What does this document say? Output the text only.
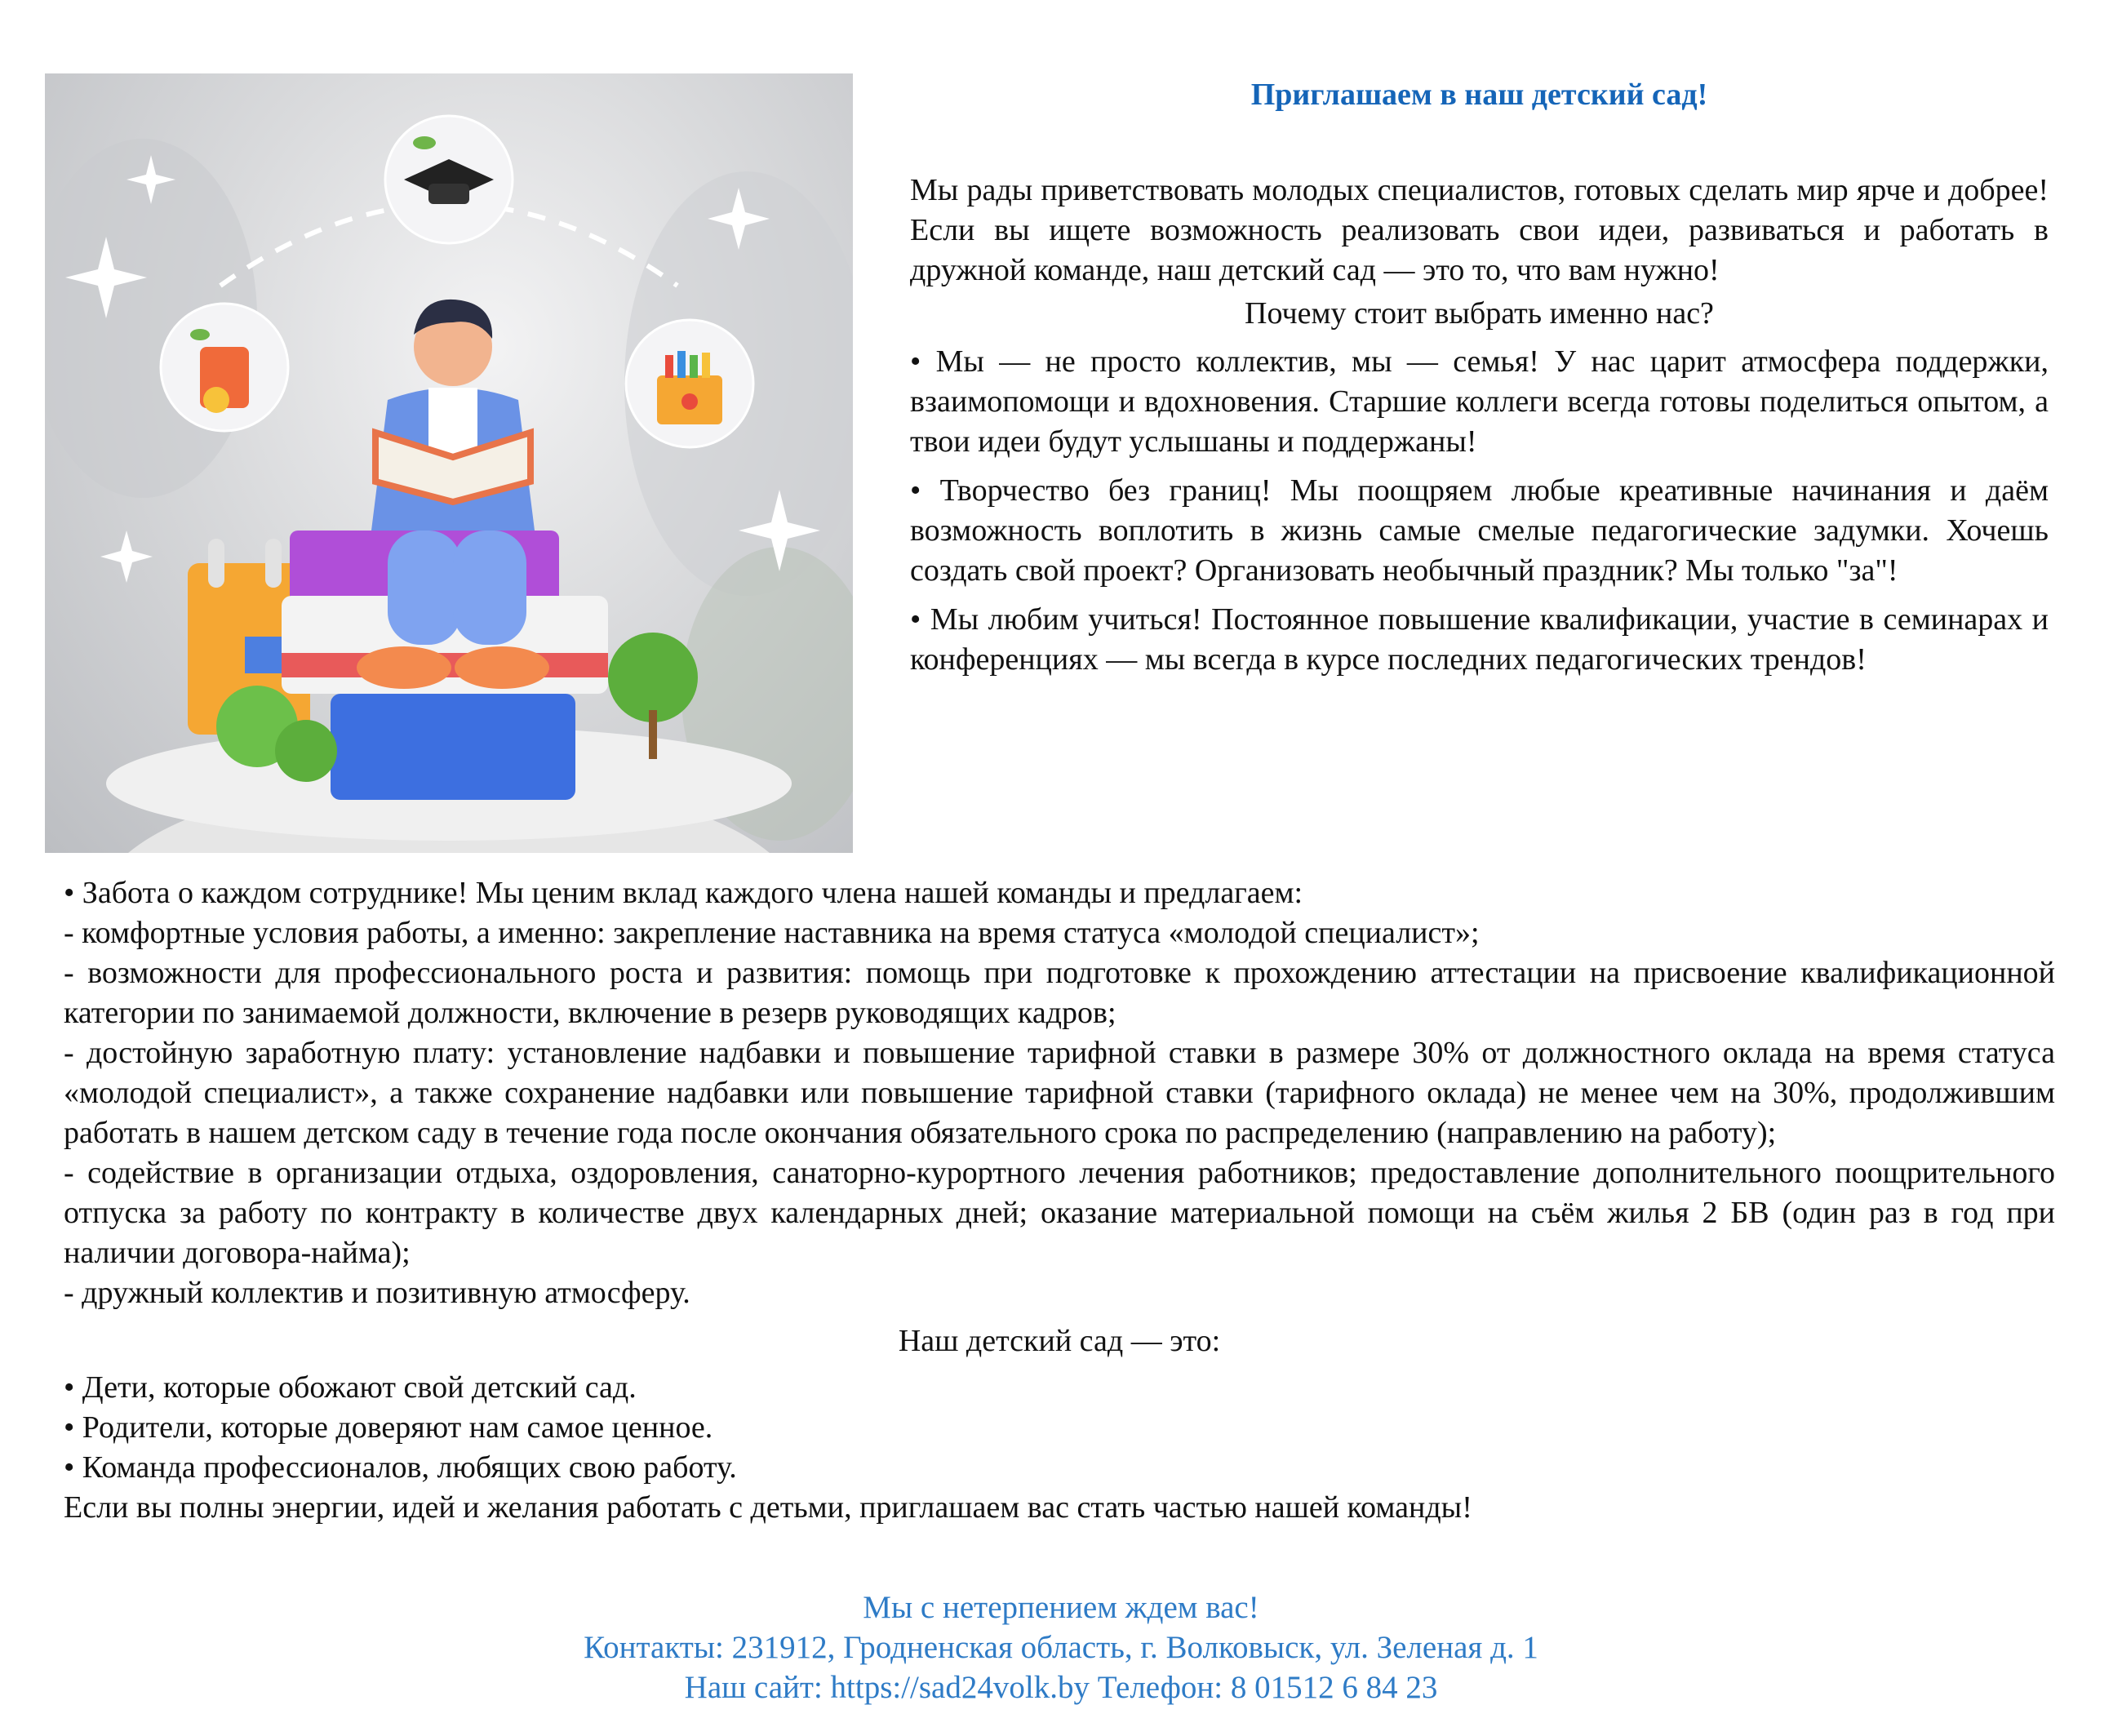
Приглашаем в наш детский сад!

Мы рады приветствовать молодых специалистов, готовых сделать мир ярче и добрее! Если вы ищете возможность реализовать свои идеи, развиваться и работать в дружной команде, наш детский сад — это то, что вам нужно!

Почему стоит выбрать именно нас?

• Мы — не просто коллектив, мы — семья! У нас царит атмосфера поддержки, взаимопомощи и вдохновения. Старшие коллеги всегда готовы поделиться опытом, а твои идеи будут услышаны и поддержаны!

• Творчество без границ! Мы поощряем любые креативные начинания и даём возможность воплотить в жизнь самые смелые педагогические задумки. Хочешь создать свой проект? Организовать необычный праздник? Мы только "за"!

• Мы любим учиться! Постоянное повышение квалификации, участие в семинарах и конференциях — мы всегда в курсе последних педагогических трендов!

• Забота о каждом сотруднике! Мы ценим вклад каждого члена нашей команды и предлагаем:

- комфортные условия работы, а именно: закрепление наставника на время статуса «молодой специалист»;

- возможности для профессионального роста и развития: помощь при подготовке к прохождению аттестации на присвоение квалификационной категории по занимаемой должности, включение в резерв руководящих кадров;

- достойную заработную плату: установление надбавки и повышение тарифной ставки в размере 30% от должностного оклада на время статуса «молодой специалист», а также сохранение надбавки или повышение тарифной ставки (тарифного оклада) не менее чем на 30%, продолжившим работать в нашем детском саду в течение года после окончания обязательного срока по распределению (направлению на работу);

- содействие в организации отдыха, оздоровления, санаторно-курортного лечения работников; предоставление дополнительного поощрительного отпуска за работу по контракту в количестве двух календарных дней; оказание материальной помощи на съём жилья 2 БВ (один раз в год при наличии договора-найма);

- дружный коллектив и позитивную атмосферу.

Наш детский сад — это:

• Дети, которые обожают свой детский сад.

• Родители, которые доверяют нам самое ценное.

• Команда профессионалов, любящих свою работу.

Если вы полны энергии, идей и желания работать с детьми, приглашаем вас стать частью нашей команды!

Мы с нетерпением ждем вас!
Контакты: 231912, Гродненская область, г. Волковыск, ул. Зеленая д. 1
Наш сайт: https://sad24volk.by Телефон: 8 01512 6 84 23
